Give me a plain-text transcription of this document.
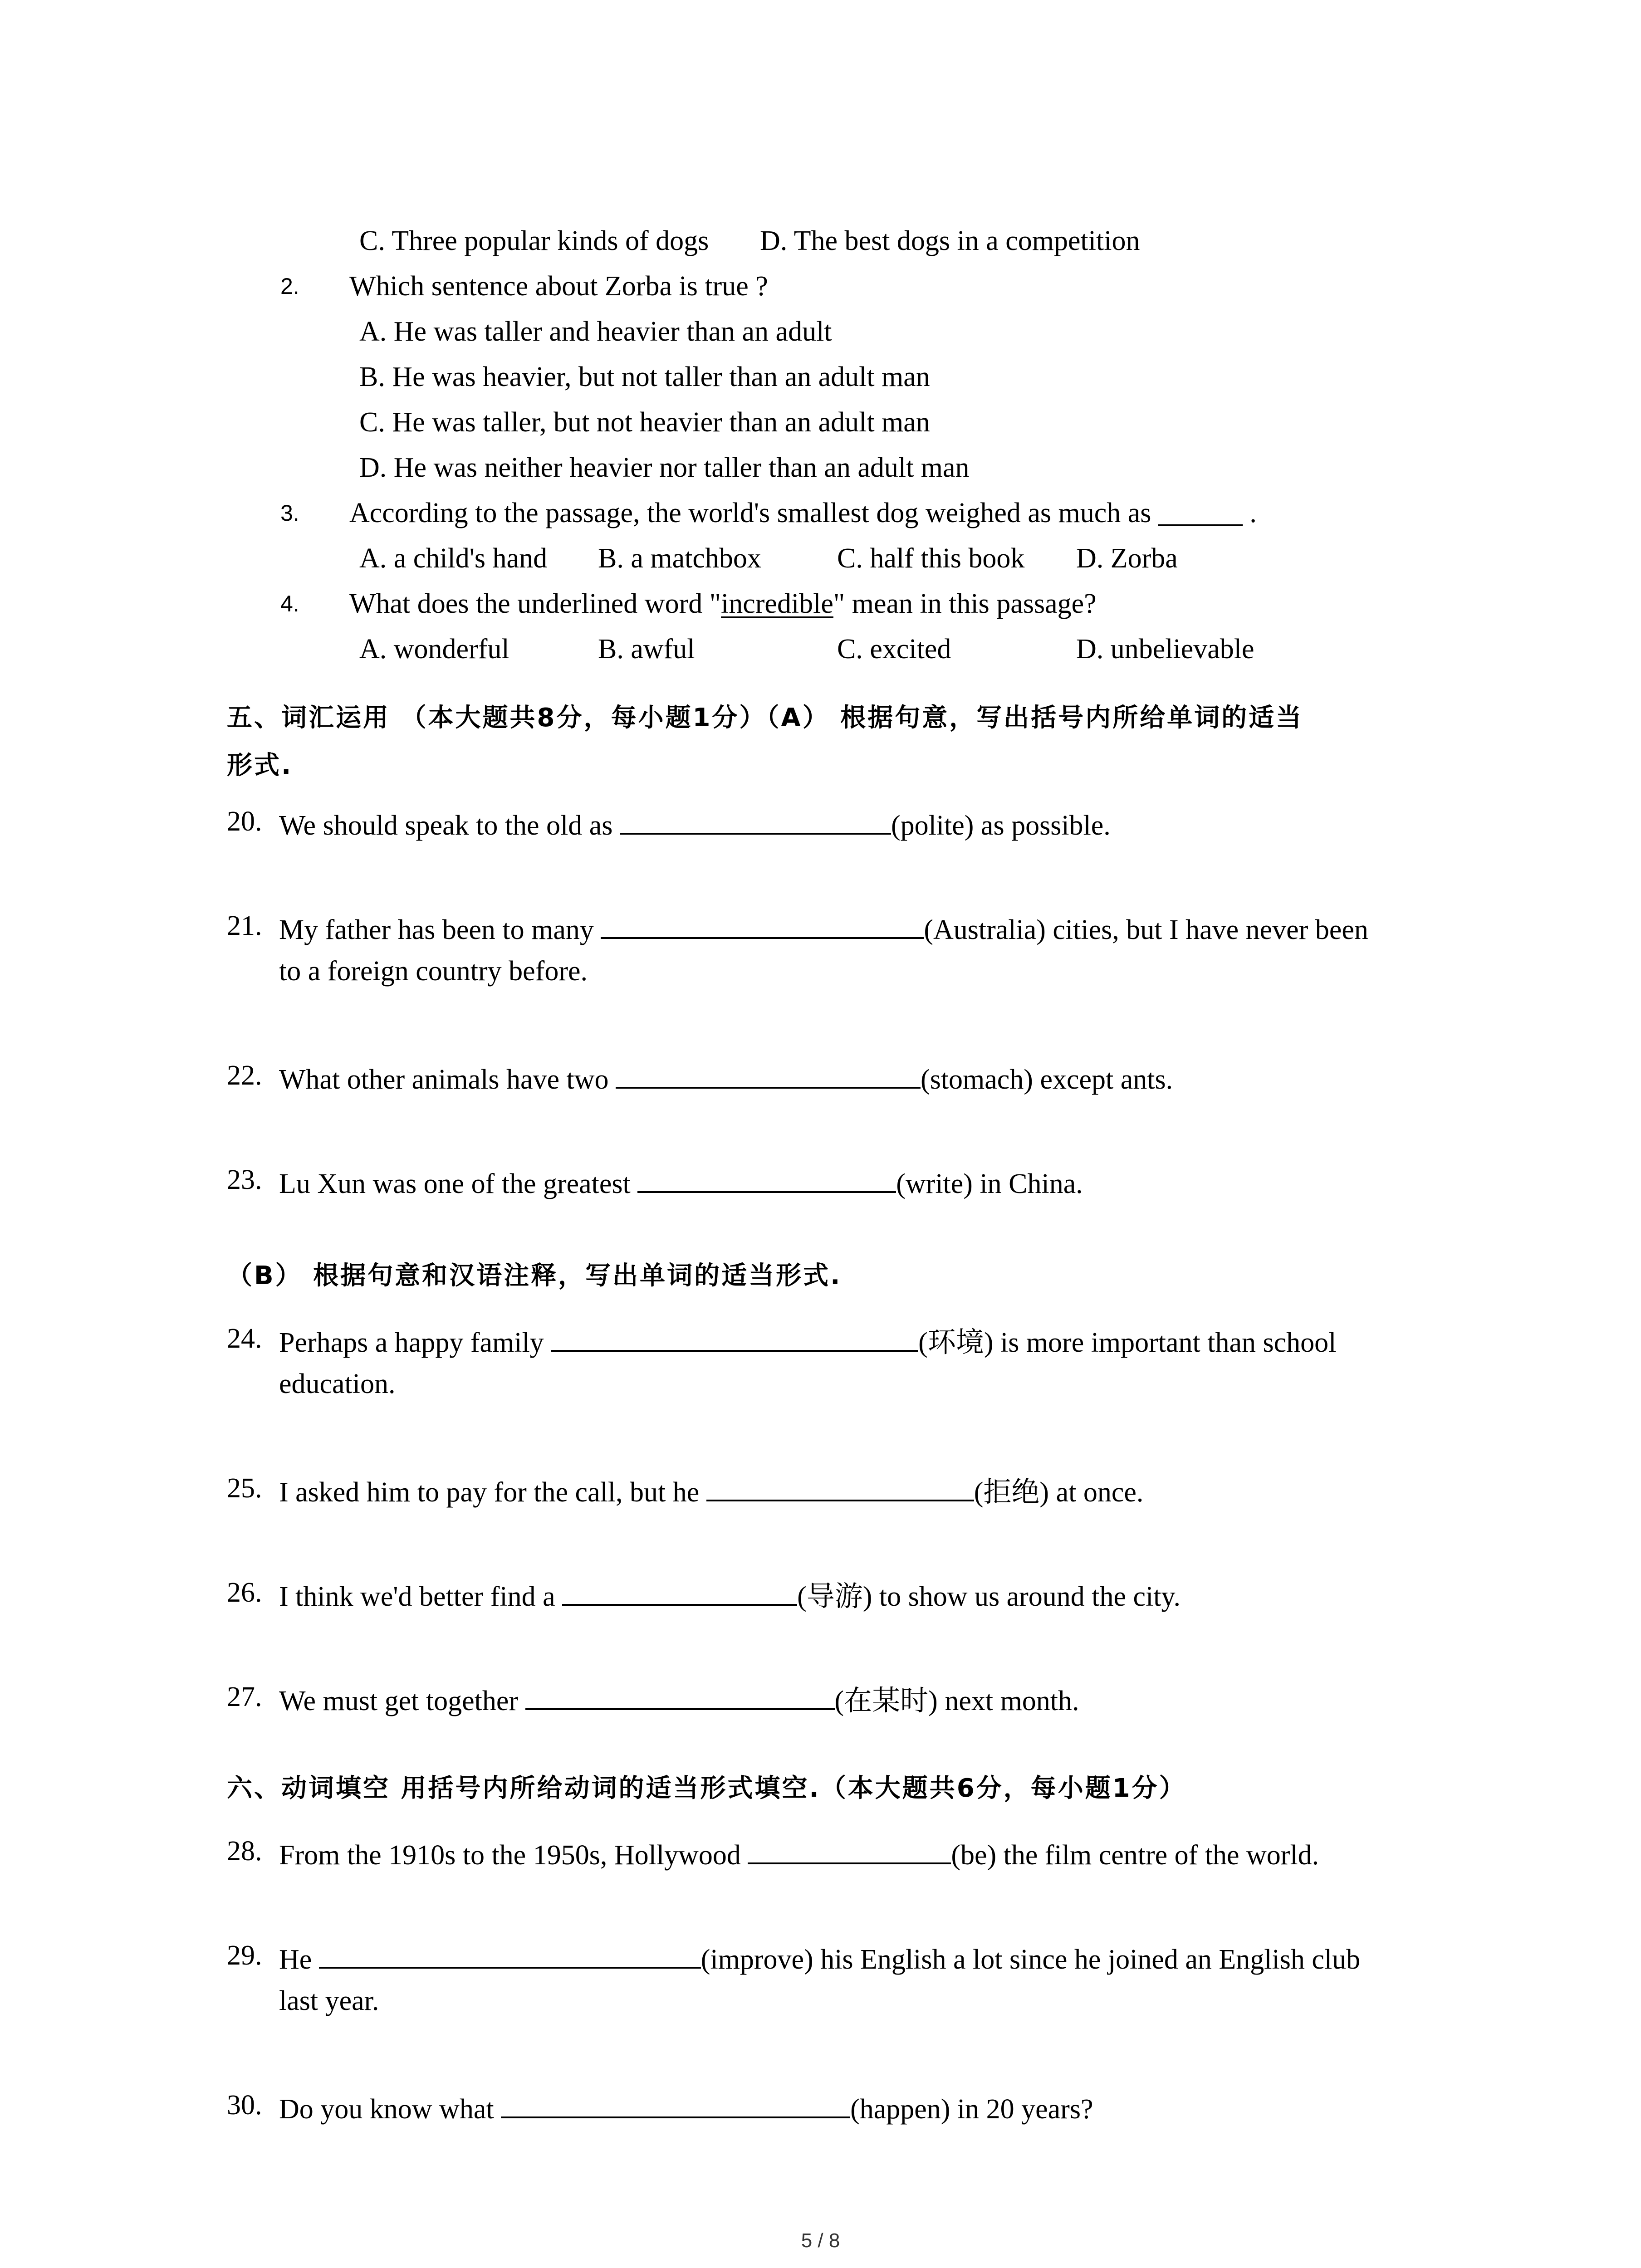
C. Three popular kinds of dogs D. The best dogs in a competition
2. Which sentence about Zorba is true ?
A. He was taller and heavier than an adult
B. He was heavier, but not taller than an adult man
C. He was taller, but not heavier than an adult man
D. He was neither heavier nor taller than an adult man
3. According to the passage, the world's smallest dog weighed as much as ______ .
A. a child's hand B. a matchbox	C. half this book D. Zorba
4. What does the underlined word "incredible" mean in this passage?
A. wonderful	B. awful	C. excited	D. unbelievable
五、词汇运用 （本大题共8分，每小题1分）（A） 根据句意，写出括号内所给单词的适当
形式.
20. We should speak to the old as	(polite) as possible.
21. My father has been to many	(Australia) cities, but I have never been
to a foreign country before.
22. What other animals have two	(stomach) except ants.
23. Lu Xun was one of the greatest	(write) in China.
（B） 根据句意和汉语注释，写出单词的适当形式.
24. Perhaps a happy family	(环境) is more important than school
education.
25. I asked him to pay for the call, but he	(拒绝) at once.
26. I think we'd better find a	(导游) to show us around the city.
27. We must get together	(在某时) next month.
六、动词填空 用括号内所给动词的适当形式填空.（本大题共6分，每小题1分）
28. From the 1910s to the 1950s, Hollywood	(be) the film centre of the world.
29. He	(improve) his English a lot since he joined an English club
last year.
30. Do you know what	(happen) in 20 years?
5 / 8
